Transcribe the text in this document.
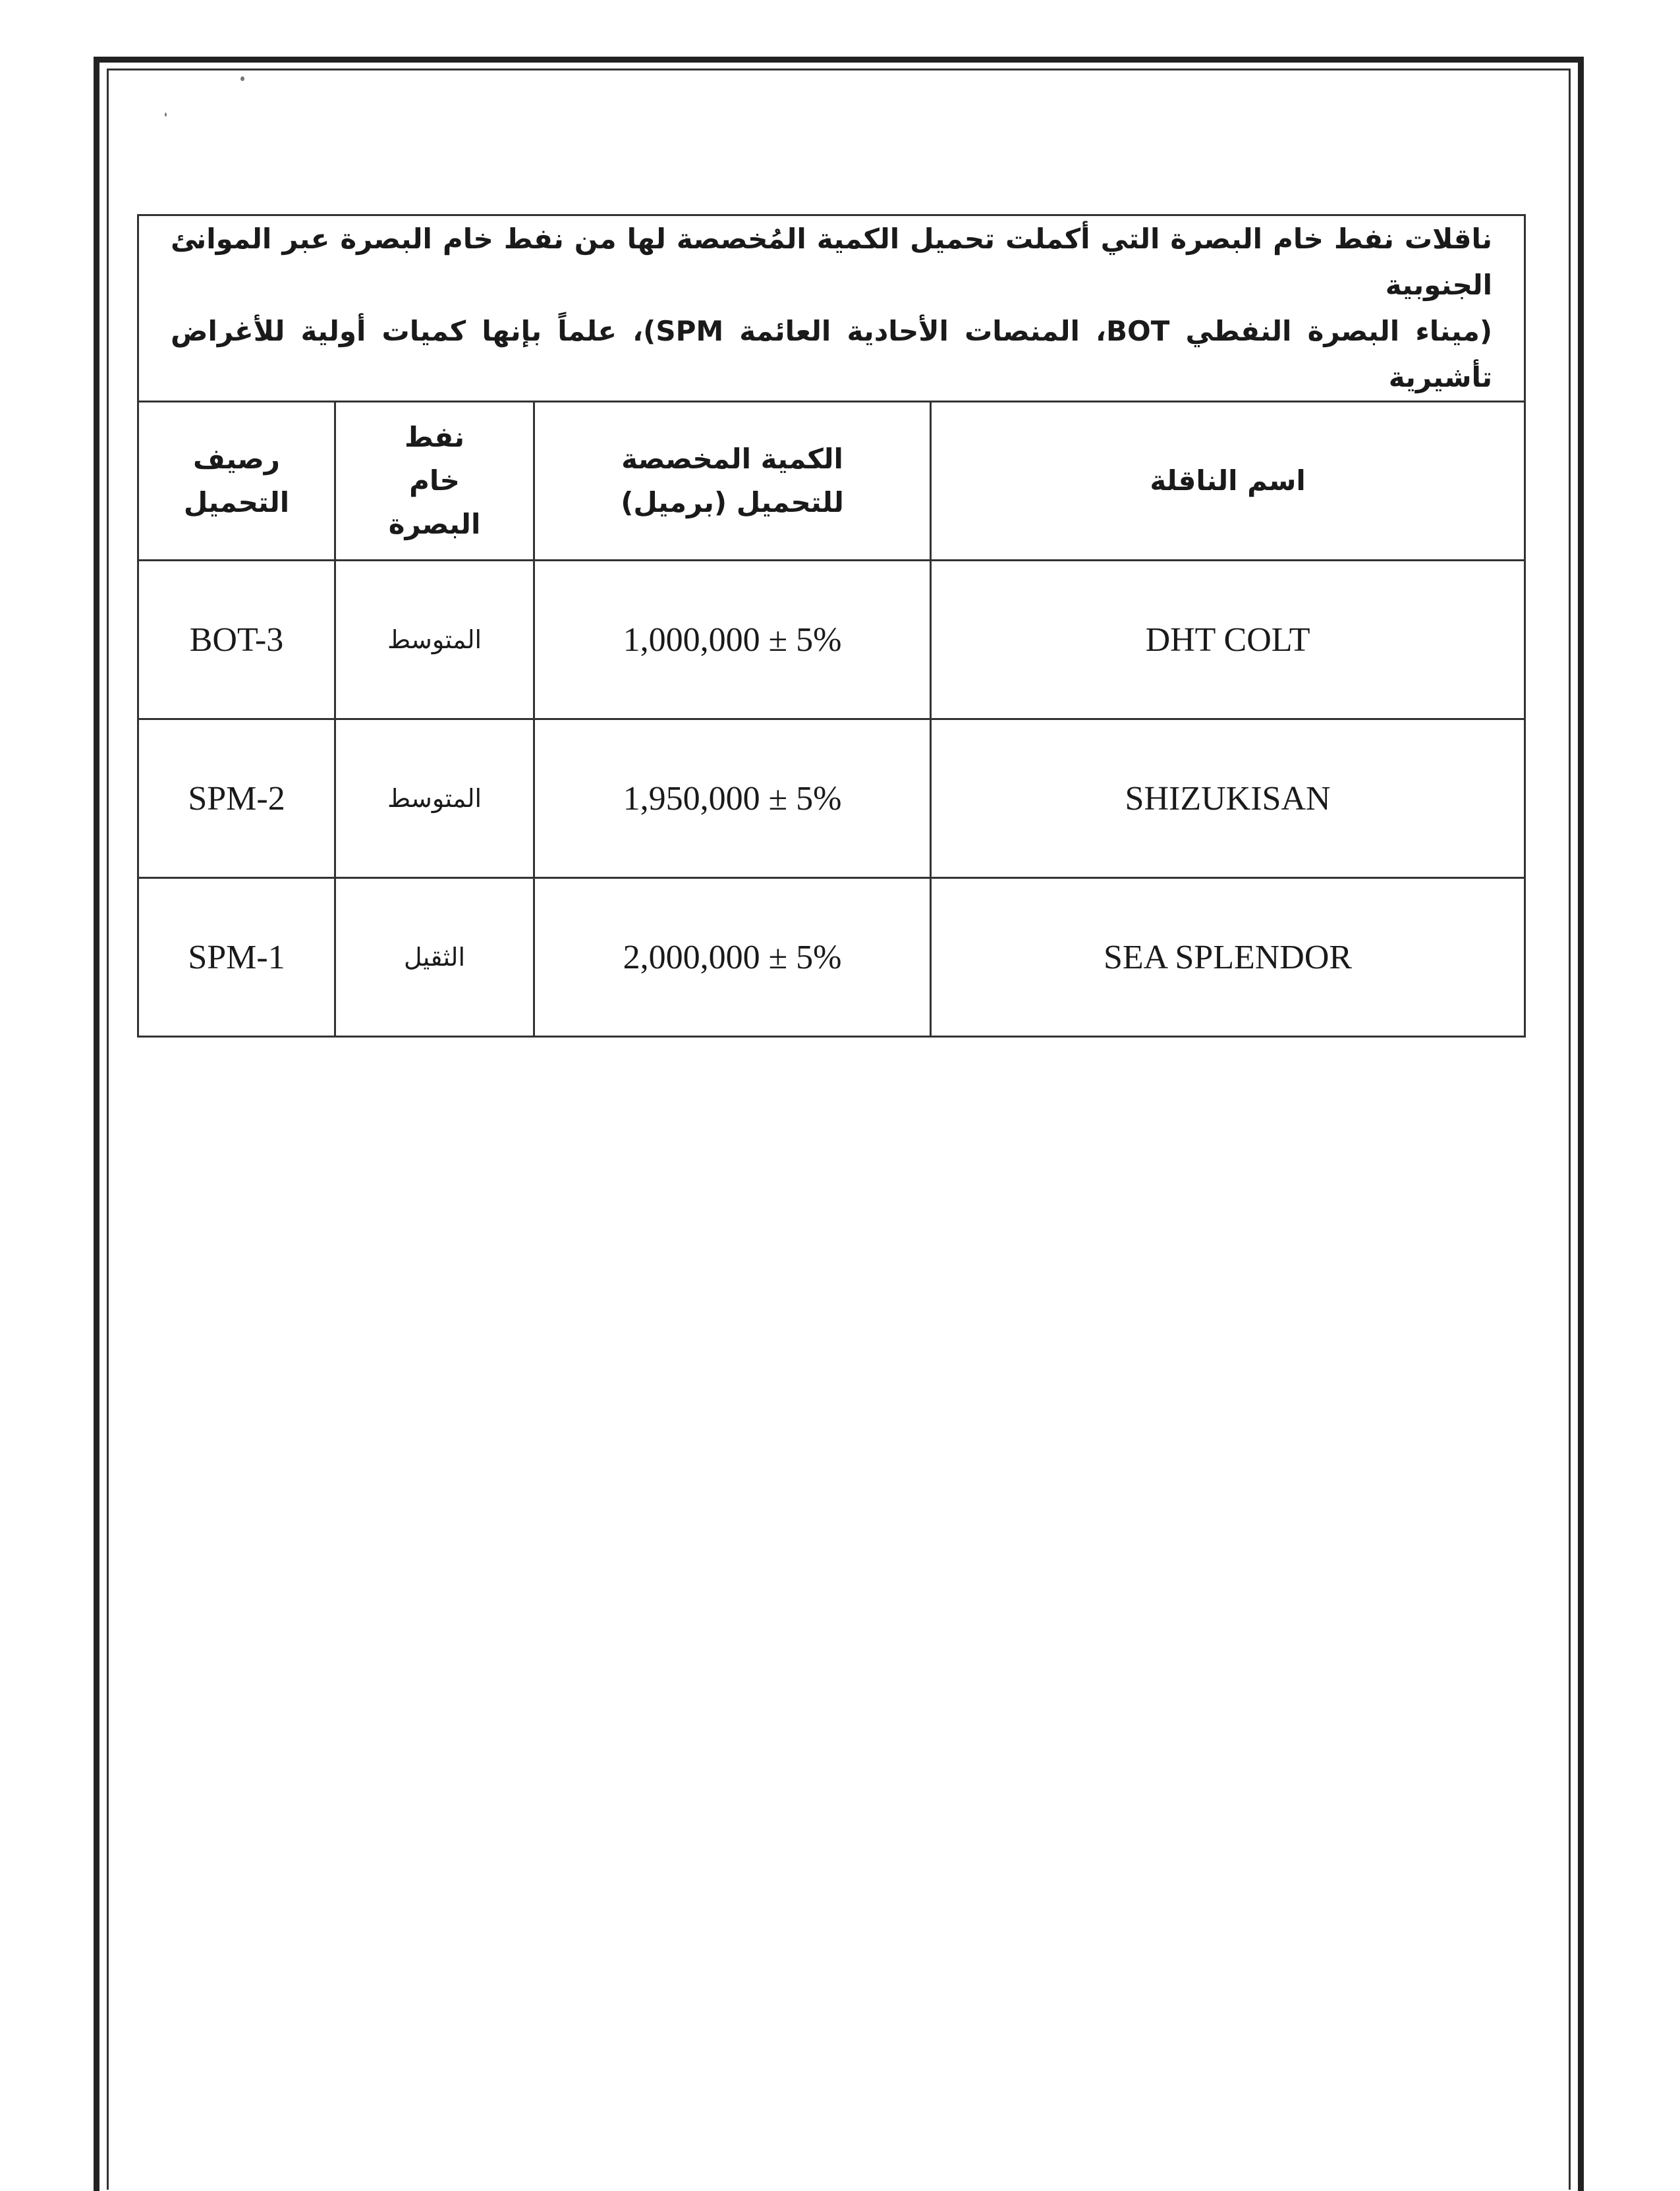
ناقلات نفط خام البصرة التي أكملت تحميل الكمية المُخصصة لها من نفط خام البصرة عبر الموانئ الجنوبية
(ميناء البصرة النفطي BOT، المنصات الأحادية العائمة SPM)، علماً بإنها كميات أولية للأغراض تأشيرية			

اسم الناقلة	الكمية المخصصة للتحميل (برميل)	نفط خام البصرة	رصيف التحميل
DHT COLT	1,000,000 ± 5%	المتوسط	BOT-3
SHIZUKISAN	1,950,000 ± 5%	المتوسط	SPM-2
SEA SPLENDOR	2,000,000 ± 5%	الثقيل	SPM-1
